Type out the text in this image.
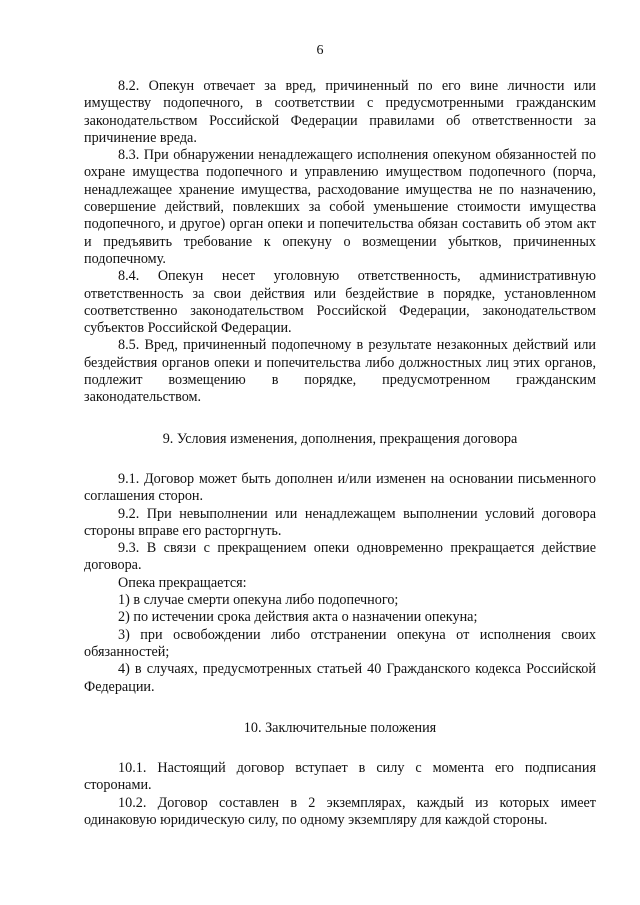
6

8.2. Опекун отвечает за вред, причиненный по его вине личности или имуществу подопечного, в соответствии с предусмотренными гражданским законодательством Российской Федерации правилами об ответственности за причинение вреда.

8.3. При обнаружении ненадлежащего исполнения опекуном обязанностей по охране имущества подопечного и управлению имуществом подопечного (порча, ненадлежащее хранение имущества, расходование имущества не по назначению, совершение действий, повлекших за собой уменьшение стоимости имущества подопечного, и другое) орган опеки и попечительства обязан составить об этом акт и предъявить требование к опекуну о возмещении убытков, причиненных подопечному.

8.4. Опекун несет уголовную ответственность, административную ответственность за свои действия или бездействие в порядке, установленном соответственно законодательством Российской Федерации, законодательством субъектов Российской Федерации.

8.5. Вред, причиненный подопечному в результате незаконных действий или бездействия органов опеки и попечительства либо должностных лиц этих органов, подлежит возмещению в порядке, предусмотренном гражданским законодательством.

9. Условия изменения, дополнения, прекращения договора

9.1. Договор может быть дополнен и/или изменен на основании письменного соглашения сторон.

9.2. При невыполнении или ненадлежащем выполнении условий договора стороны вправе его расторгнуть.

9.3. В связи с прекращением опеки одновременно прекращается действие договора.

Опека прекращается:

1) в случае смерти опекуна либо подопечного;

2) по истечении срока действия акта о назначении опекуна;

3) при освобождении либо отстранении опекуна от исполнения своих обязанностей;

4) в случаях, предусмотренных статьей 40 Гражданского кодекса Российской Федерации.

10. Заключительные положения

10.1. Настоящий договор вступает в силу с момента его подписания сторонами.

10.2. Договор составлен в 2 экземплярах, каждый из которых имеет одинаковую юридическую силу, по одному экземпляру для каждой стороны.
